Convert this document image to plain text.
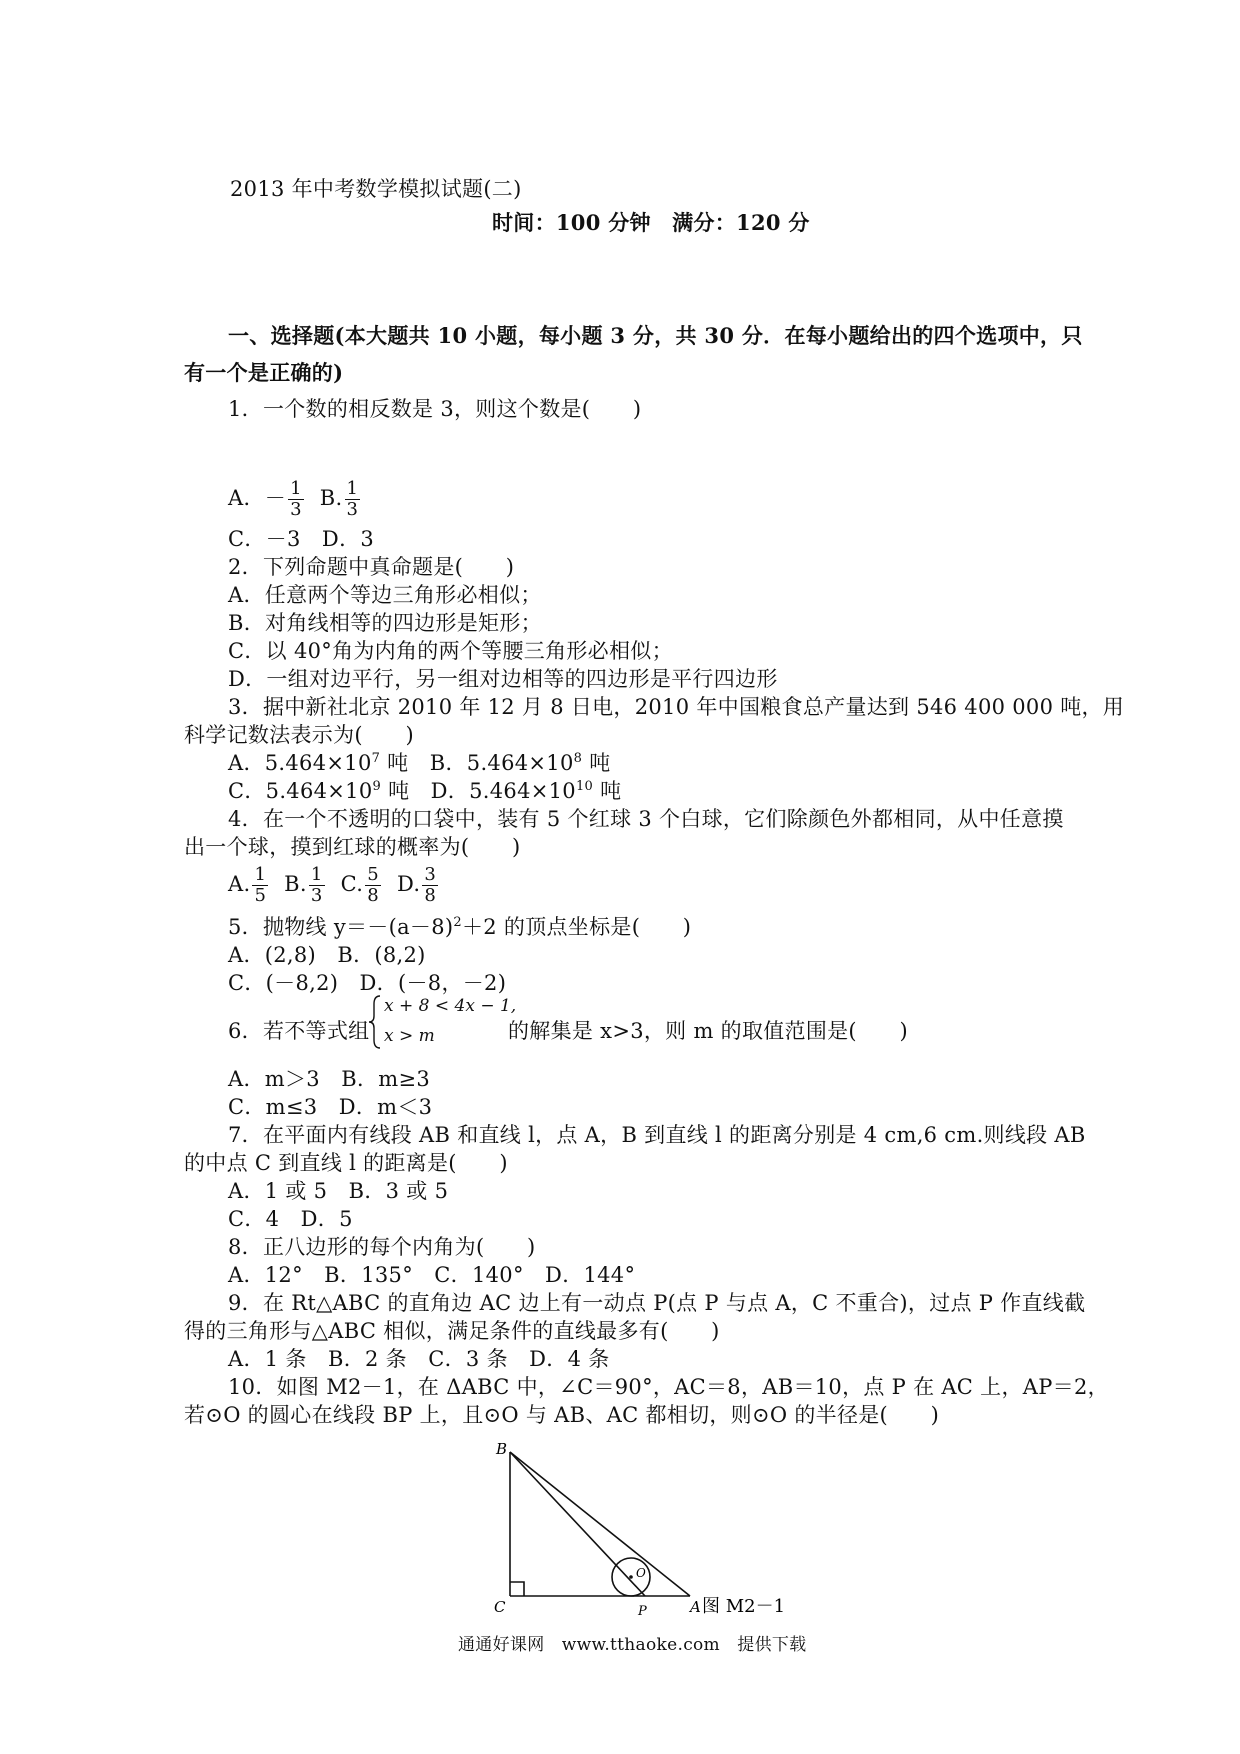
2013 年中考数学模拟试题(二)
时间：100 分钟　满分：120 分
一、选择题(本大题共 10 小题，每小题 3 分，共 30 分．在每小题给出的四个选项中，只
有一个是正确的)
1．一个数的相反数是 3，则这个数是(　　)
A．－ $\frac{1}{3} B$. $\frac{1}{3}$
C．－3　D．3
2．下列命题中真命题是(　　)
A．任意两个等边三角形必相似；
B．对角线相等的四边形是矩形；
C．以 40°角为内角的两个等腰三角形必相似；
D．一组对边平行，另一组对边相等的四边形是平行四边形
3．据中新社北京 2010 年 12 月 8 日电，2010 年中国粮食总产量达到 546 400 000 吨，用
科学记数法表示为(　　)
A．$5.464\times 10^7$ 吨　B．$5.464\times 10^8$ 吨
C．$5.464\times 10^9$ 吨　D．$5.464\times 10^{10}$ 吨
4．在一个不透明的口袋中，装有 5 个红球 3 个白球，它们除颜色外都相同，从中任意摸
出一个球，摸到红球的概率为(　　)
A. $\frac{1}{5} B$. $\frac{1}{3} C$. $\frac{5}{8} D$. $\frac{3}{8}$
5．抛物线 $y=-(a-8)^2+2$ 的顶点坐标是(　　)
A．(2,8)　B．(8,2)
C．(－8,2)　D．(－8，－2)
6．若不等式组
x + 8 < 4x − 1,
x > m	的解集是 x>3，则 m 的取值范围是(　　)
A．m＞3　B．m≥3
C．m≤3　D．m＜3
7．在平面内有线段 AB 和直线 l，点 A，B 到直线 l 的距离分别是 4 cm,6 cm.则线段 AB
的中点 C 到直线 l 的距离是(　　)
A．1 或 5　B．3 或 5
C．4　D．5
8．正八边形的每个内角为(　　)
A．12°　B．135°　C．140°　D．144°
9．在 Rt△ABC 的直角边 AC 边上有一动点 P(点 P 与点 A，C 不重合)，过点 P 作直线截
得的三角形与△ABC 相似，满足条件的直线最多有(　　)
A．1 条　B．2 条　C．3 条　D．4 条
10．如图 M2－1，在 ΔABC 中，∠C＝90°，AC＝8，AB＝10，点 P 在 AC 上，AP＝2，
若⊙O 的圆心在线段 BP 上，且⊙O 与 AB、AC 都相切，则⊙O 的半径是(　　)
B
C	P
O
A 图 M2－1
通通好课网　www.tthaoke.com　提供下载
